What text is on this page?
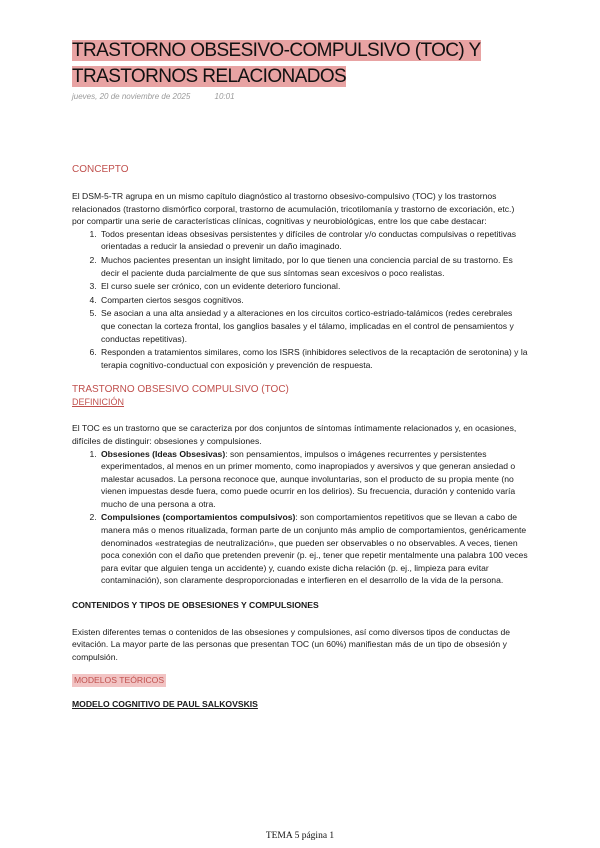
TRASTORNO OBSESIVO-COMPULSIVO (TOC) Y TRASTORNOS RELACIONADOS
jueves, 20 de noviembre de 2025	10:01

CONCEPTO

El DSM-5-TR agrupa en un mismo capítulo diagnóstico al trastorno obsesivo-compulsivo (TOC) y los trastornos relacionados (trastorno dismórfico corporal, trastorno de acumulación, tricotilomanía y trastorno de excoriación, etc.) por compartir una serie de características clínicas, cognitivas y neurobiológicas, entre los que cabe destacar:

1. Todos presentan ideas obsesivas persistentes y difíciles de controlar y/o conductas compulsivas o repetitivas orientadas a reducir la ansiedad o prevenir un daño imaginado.
2. Muchos pacientes presentan un insight limitado, por lo que tienen una conciencia parcial de su trastorno. Es decir el paciente duda parcialmente de que sus síntomas sean excesivos o poco realistas.
3. El curso suele ser crónico, con un evidente deterioro funcional.
4. Comparten ciertos sesgos cognitivos.
5. Se asocian a una alta ansiedad y a alteraciones en los circuitos cortico-estriado-talámicos (redes cerebrales que conectan la corteza frontal, los ganglios basales y el tálamo, implicadas en el control de pensamientos y conductas repetitivas).
6. Responden a tratamientos similares, como los ISRS (inhibidores selectivos de la recaptación de serotonina) y la terapia cognitivo-conductual con exposición y prevención de respuesta.

TRASTORNO OBSESIVO COMPULSIVO (TOC)

DEFINICIÓN

El TOC es un trastorno que se caracteriza por dos conjuntos de síntomas íntimamente relacionados y, en ocasiones, difíciles de distinguir: obsesiones y compulsiones.

1. Obsesiones (Ideas Obsesivas): son pensamientos, impulsos o imágenes recurrentes y persistentes experimentados, al menos en un primer momento, como inapropiados y aversivos y que generan ansiedad o malestar acusados. La persona reconoce que, aunque involuntarias, son el producto de su propia mente (no vienen impuestas desde fuera, como puede ocurrir en los delirios). Su frecuencia, duración y contenido varía mucho de una persona a otra.
2. Compulsiones (comportamientos compulsivos): son comportamientos repetitivos que se llevan a cabo de manera más o menos ritualizada, forman parte de un conjunto más amplio de comportamientos, genéricamente denominados «estrategias de neutralización», que pueden ser observables o no observables. A veces, tienen poca conexión con el daño que pretenden prevenir (p. ej., tener que repetir mentalmente una palabra 100 veces para evitar que alguien tenga un accidente) y, cuando existe dicha relación (p. ej., limpieza para evitar contaminación), son claramente desproporcionadas e interfieren en el desarrollo de la vida de la persona.

CONTENIDOS Y TIPOS DE OBSESIONES Y COMPULSIONES

Existen diferentes temas o contenidos de las obsesiones y compulsiones, así como diversos tipos de conductas de evitación. La mayor parte de las personas que presentan TOC (un 60%) manifiestan más de un tipo de obsesión y compulsión.

MODELOS TEÓRICOS

MODELO COGNITIVO DE PAUL SALKOVSKIS

TEMA 5 página 1
